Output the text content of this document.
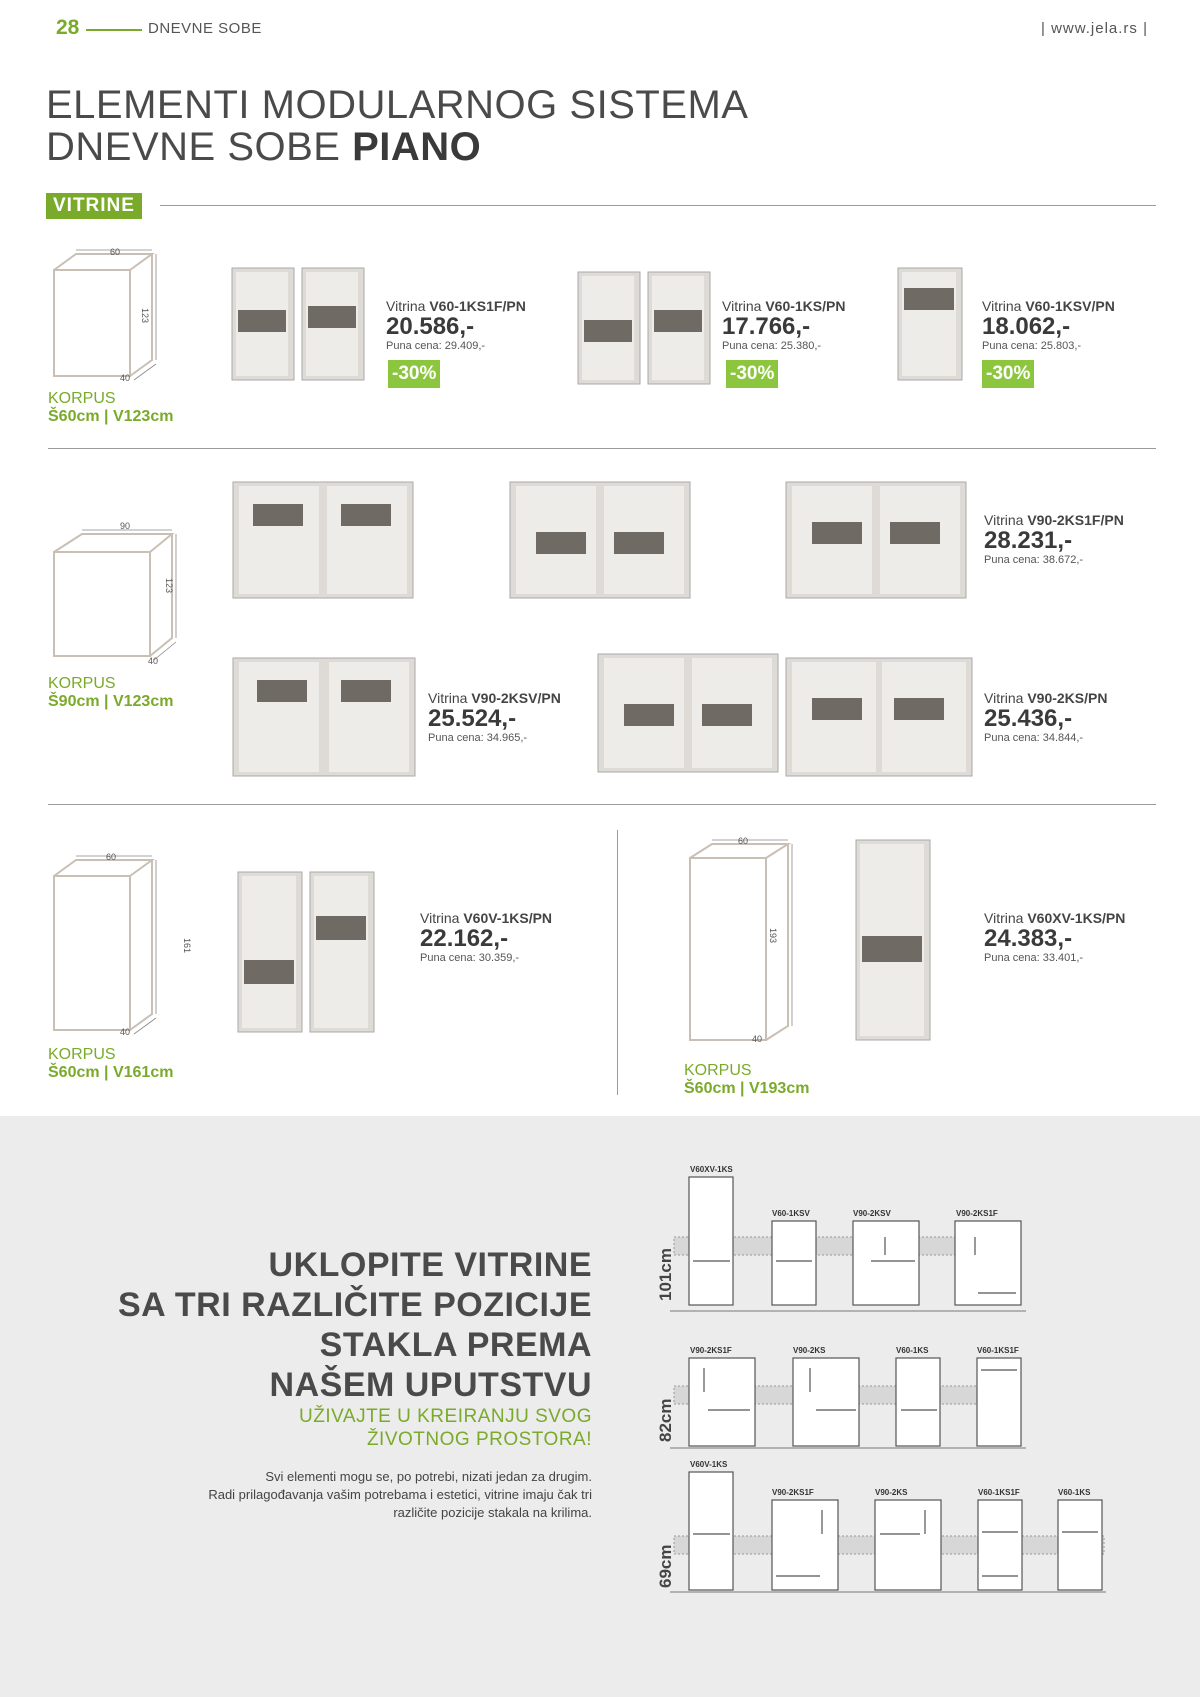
28	DNEVNE SOBE	| www.jela.rs |
ELEMENTI MODULARNOG SISTEMA
DNEVNE SOBE PIANO
VITRINE
60
123
40
KORPUS
Š60cm | V123cm
Vitrina V60-1KS1F/PN
20.586,-
Puna cena: 29.409,-
-30%
Vitrina V60-1KS/PN
17.766,-
Puna cena: 25.380,-
-30%
Vitrina V60-1KSV/PN
18.062,-
Puna cena: 25.803,-
-30%
90
123
40
KORPUS
Š90cm | V123cm
Vitrina V90-2KS1F/PN
28.231,-
Puna cena: 38.672,-
Vitrina V90-2KSV/PN
25.524,-
Puna cena: 34.965,-
Vitrina V90-2KS/PN
25.436,-
Puna cena: 34.844,-
60
161
40
KORPUS
Š60cm | V161cm
Vitrina V60V-1KS/PN
22.162,-
Puna cena: 30.359,-
60
193
40
KORPUS
Š60cm | V193cm
Vitrina V60XV-1KS/PN
24.383,-
Puna cena: 33.401,-
UKLOPITE VITRINE
SA TRI RAZLIČITE POZICIJE
STAKLA PREMA
NAŠEM UPUTSTVU
UŽIVAJTE U KREIRANJU SVOG
ŽIVOTNOG PROSTORA!
Svi elementi mogu se, po potrebi, nizati jedan za drugim.
Radi prilagođavanja vašim potrebama i estetici, vitrine imaju čak tri
različite pozicije stakala na krilima.
V60XV-1KS
V60-1KSV	V90-2KSV	V90-2KS1F
101cm
V90-2KS1F	V90-2KS	V60-1KS	V60-1KS1F
82cm
V60V-1KS
V90-2KS1F	V90-2KS	V60-1KS1F	V60-1KS
69cm
